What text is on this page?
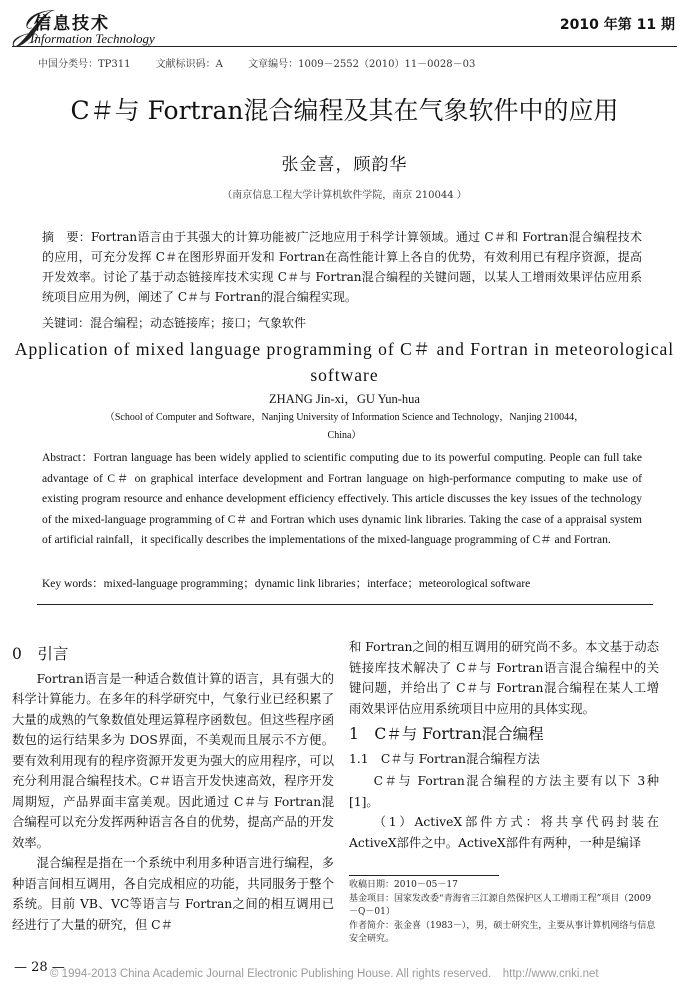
𝒥
信息技术
Information Technology
2010 年第 11 期
中国分类号：TP311	文献标识码：A	文章编号：1009－2552（2010）11－0028－03
C＃与 Fortran混合编程及其在气象软件中的应用
张金喜，顾韵华
（南京信息工程大学计算机软件学院，南京 210044 ）
摘　要：Fortran语言由于其强大的计算功能被广泛地应用于科学计算领域。通过 C＃和 Fortran混合编程技术的应用，可充分发挥 C＃在图形界面开发和 Fortran在高性能计算上各自的优势，有效利用已有程序资源，提高开发效率。讨论了基于动态链接库技术实现 C＃与 Fortran混合编程的关键问题，以某人工增雨效果评估应用系统项目应用为例，阐述了 C＃与 Fortran的混合编程实现。
关键词：混合编程；动态链接库；接口；气象软件
Application of mixed language programming of C＃ and Fortran in meteorological software
ZHANG Jin-xi，GU Yun-hua
（School of Computer and Software，Nanjing University of Information Science and Technology，Nanjing 210044，China）
Abstract：Fortran language has been widely applied to scientific computing due to its powerful computing. People can full take advantage of C＃ on graphical interface development and Fortran language on high-performance computing to make use of existing program resource and enhance development efficiency effectively. This article discusses the key issues of the technology of the mixed-language programming of C＃ and Fortran which uses dynamic link libraries. Taking the case of a appraisal system of artificial rainfall，it specifically describes the implementations of the mixed-language programming of C＃ and Fortran.
Key words：mixed-language programming；dynamic link libraries；interface；meteorological software
0　引言

Fortran语言是一种适合数值计算的语言，具有强大的科学计算能力。在多年的科学研究中，气象行业已经积累了大量的成熟的气象数值处理运算程序函数包。但这些程序函数包的运行结果多为 DOS界面，不美观而且展示不方便。要有效利用现有的程序资源开发更为强大的应用程序，可以充分利用混合编程技术。C＃语言开发快速高效，程序开发周期短，产品界面丰富美观。因此通过 C＃与 Fortran混合编程可以充分发挥两种语言各自的优势，提高产品的开发效率。

混合编程是指在一个系统中利用多种语言进行编程，多种语言间相互调用，各自完成相应的功能，共同服务于整个系统。目前 VB、VC等语言与 Fortran之间的相互调用已经进行了大量的研究，但 C＃

和 Fortran之间的相互调用的研究尚不多。本文基于动态链接库技术解决了 C＃与 Fortran语言混合编程中的关键问题，并给出了 C＃与 Fortran混合编程在某人工增雨效果评估应用系统项目中应用的具体实现。

1　C＃与 Fortran混合编程
1.1　C＃与 Fortran混合编程方法

C＃与 Fortran混合编程的方法主要有以下 3种[1]。

（1）ActiveX部件方式：将共享代码封装在 ActiveX部件之中。ActiveX部件有两种，一种是编译

收稿日期：2010－05－17
基金项目：国家发改委“青海省三江源自然保护区人工增雨工程”项目（2009－Q－01）
作者简介：张金喜（1983－），男，硕士研究生，主要从事计算机网络与信息安全研究。
— 28 —
© 1994-2013 China Academic Journal Electronic Publishing House. All rights reserved.　http://www.cnki.net
